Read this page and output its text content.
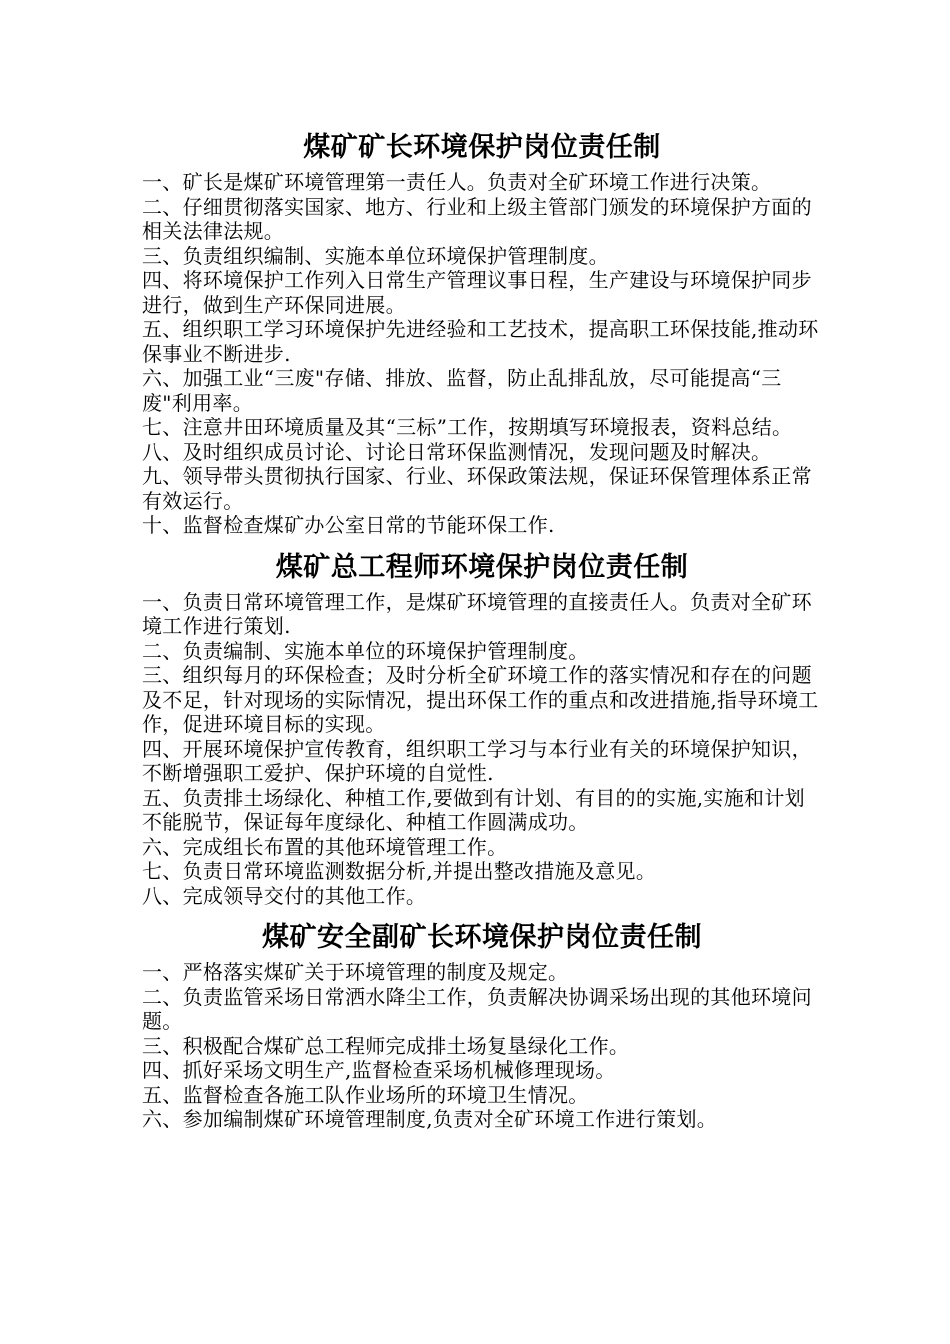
煤矿矿长环境保护岗位责任制

一、矿长是煤矿环境管理第一责任人。负责对全矿环境工作进行决策。

二、仔细贯彻落实国家、地方、行业和上级主管部门颁发的环境保护方面的相关法律法规。

三、负责组织编制、实施本单位环境保护管理制度。

四、将环境保护工作列入日常生产管理议事日程，生产建设与环境保护同步进行，做到生产环保同进展。

五、组织职工学习环境保护先进经验和工艺技术，提高职工环保技能,推动环保事业不断进步.

六、加强工业“三废"存储、排放、监督，防止乱排乱放，尽可能提高“三废"利用率。

七、注意井田环境质量及其“三标”工作，按期填写环境报表，资料总结。

八、及时组织成员讨论、讨论日常环保监测情况，发现问题及时解决。

九、领导带头贯彻执行国家、行业、环保政策法规，保证环保管理体系正常有效运行。

十、监督检查煤矿办公室日常的节能环保工作.

煤矿总工程师环境保护岗位责任制

一、负责日常环境管理工作，是煤矿环境管理的直接责任人。负责对全矿环境工作进行策划.

二、负责编制、实施本单位的环境保护管理制度。

三、组织每月的环保检查；及时分析全矿环境工作的落实情况和存在的问题及不足，针对现场的实际情况，提出环保工作的重点和改进措施,指导环境工作，促进环境目标的实现。

四、开展环境保护宣传教育，组织职工学习与本行业有关的环境保护知识，不断增强职工爱护、保护环境的自觉性.

五、负责排土场绿化、种植工作,要做到有计划、有目的的实施,实施和计划不能脱节，保证每年度绿化、种植工作圆满成功。

六、完成组长布置的其他环境管理工作。

七、负责日常环境监测数据分析,并提出整改措施及意见。

八、完成领导交付的其他工作。

煤矿安全副矿长环境保护岗位责任制

一、严格落实煤矿关于环境管理的制度及规定。

二、负责监管采场日常洒水降尘工作，负责解决协调采场出现的其他环境问题。

三、积极配合煤矿总工程师完成排土场复垦绿化工作。

四、抓好采场文明生产,监督检查采场机械修理现场。

五、监督检查各施工队作业场所的环境卫生情况。

六、参加编制煤矿环境管理制度,负责对全矿环境工作进行策划。
